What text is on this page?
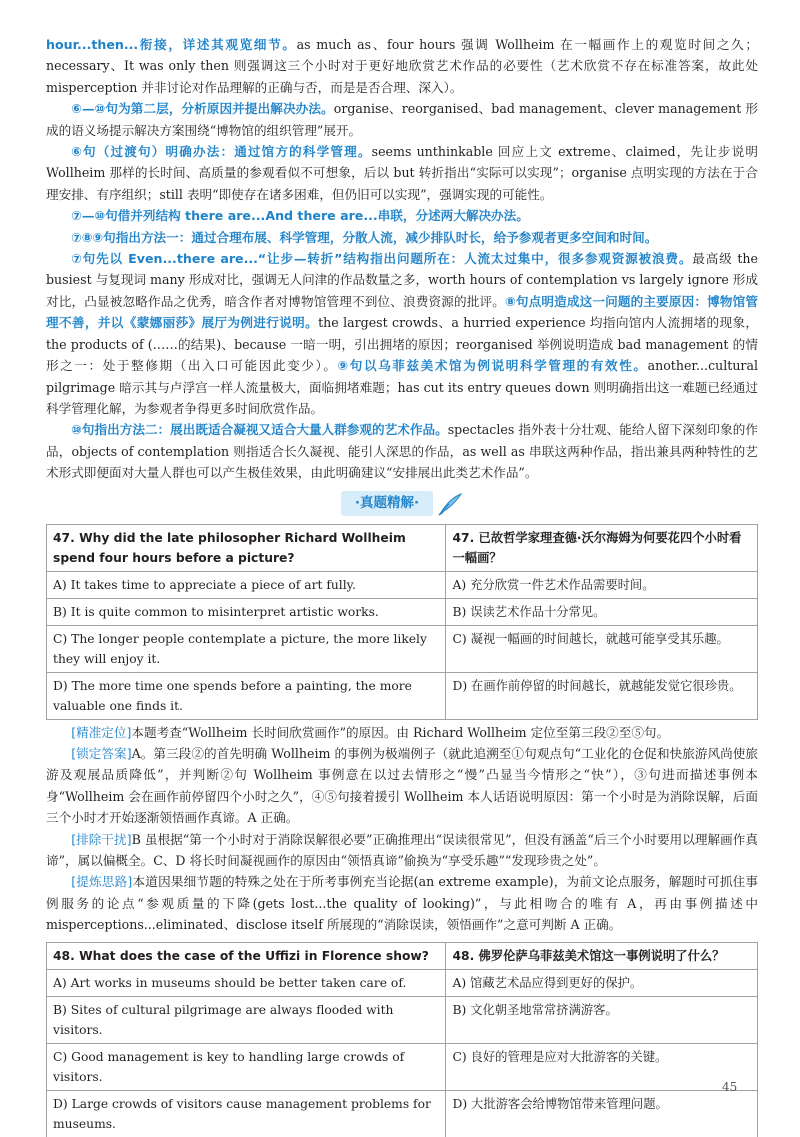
hour...then...衔接，详述其观览细节。as much as、four hours 强调 Wollheim 在一幅画作上的观览时间之久；necessary、It was only then 则强调这三个小时对于更好地欣赏艺术作品的必要性（艺术欣赏不存在标准答案，故此处 misperception 并非讨论对作品理解的正确与否，而是是否合理、深入）。

⑥—⑩句为第二层，分析原因并提出解决办法。organise、reorganised、bad management、clever management 形成的语义场提示解决方案围绕“博物馆的组织管理”展开。

⑥句（过渡句）明确办法：通过馆方的科学管理。seems unthinkable 回应上文 extreme、claimed，先让步说明 Wollheim 那样的长时间、高质量的参观看似不可想象，后以 but 转折指出“实际可以实现”；organise 点明实现的方法在于合理安排、有序组织；still 表明“即使存在诸多困难，但仍旧可以实现”，强调实现的可能性。

⑦—⑩句借并列结构 there are...And there are...串联，分述两大解决办法。

⑦⑧⑨句指出方法一：通过合理布展、科学管理，分散人流，减少排队时长，给予参观者更多空间和时间。

⑦句先以 Even...there are...“让步—转折”结构指出问题所在：人流太过集中，很多参观资源被浪费。最高级 the busiest 与复现词 many 形成对比，强调无人问津的作品数量之多，worth hours of contemplation vs largely ignore 形成对比，凸显被忽略作品之优秀，暗含作者对博物馆管理不到位、浪费资源的批评。⑧句点明造成这一问题的主要原因：博物馆管理不善，并以《蒙娜丽莎》展厅为例进行说明。the largest crowds、a hurried experience 均指向馆内人流拥堵的现象，the products of (……的结果)、because 一暗一明，引出拥堵的原因；reorganised 举例说明造成 bad management 的情形之一：处于整修期（出入口可能因此变少）。⑨句以乌菲兹美术馆为例说明科学管理的有效性。another...cultural pilgrimage 暗示其与卢浮宫一样人流量极大，面临拥堵难题；has cut its entry queues down 则明确指出这一难题已经通过科学管理化解，为参观者争得更多时间欣赏作品。

⑩句指出方法二：展出既适合凝视又适合大量人群参观的艺术作品。spectacles 指外表十分壮观、能给人留下深刻印象的作品，objects of contemplation 则指适合长久凝视、能引人深思的作品，as well as 串联这两种作品，指出兼具两种特性的艺术形式即便面对大量人群也可以产生极佳效果，由此明确建议“安排展出此类艺术作品”。

·真题精解·
47. Why did the late philosopher Richard Wollheim spend four hours before a picture?	47. 已故哲学家理查德·沃尔海姆为何要花四个小时看一幅画？
A) It takes time to appreciate a piece of art fully.	A) 充分欣赏一件艺术作品需要时间。
B) It is quite common to misinterpret artistic works.	B) 误读艺术作品十分常见。
C) The longer people contemplate a picture, the more likely they will enjoy it.	C) 凝视一幅画的时间越长，就越可能享受其乐趣。
D) The more time one spends before a painting, the more valuable one finds it.	D) 在画作前停留的时间越长，就越能发觉它很珍贵。

[精准定位]本题考查“Wollheim 长时间欣赏画作”的原因。由 Richard Wollheim 定位至第三段②至⑤句。

[锁定答案]A。第三段②的首先明确 Wollheim 的事例为极端例子（就此追溯至①句观点句“工业化的仓促和快旅游风尚使旅游及观展品质降低”，并判断②句 Wollheim 事例意在以过去情形之“慢”凸显当今情形之“快”），③句进而描述事例本身“Wollheim 会在画作前停留四个小时之久”，④⑤句接着援引 Wollheim 本人话语说明原因：第一个小时是为消除误解，后面三个小时才开始逐渐领悟画作真谛。A 正确。

[排除干扰]B 虽根据“第一个小时对于消除误解很必要”正确推理出“误读很常见”，但没有涵盖“后三个小时要用以理解画作真谛”，属以偏概全。C、D 将长时间凝视画作的原因由“领悟真谛”偷换为“享受乐趣”“发现珍贵之处”。

[提炼思路]本道因果细节题的特殊之处在于所考事例充当论据(an extreme example)，为前文论点服务，解题时可抓住事例服务的论点“参观质量的下降(gets lost...the quality of looking)”，与此相吻合的唯有 A，再由事例描述中 misperceptions...eliminated、disclose itself 所展现的“消除误读，领悟画作”之意可判断 A 正确。

48. What does the case of the Uffizi in Florence show?	48. 佛罗伦萨乌菲兹美术馆这一事例说明了什么？
A) Art works in museums should be better taken care of.	A) 馆藏艺术品应得到更好的保护。
B) Sites of cultural pilgrimage are always flooded with visitors.	B) 文化朝圣地常常挤满游客。
C) Good management is key to handling large crowds of visitors.	C) 良好的管理是应对大批游客的关键。
D) Large crowds of visitors cause management problems for museums.	D) 大批游客会给博物馆带来管理问题。
45
